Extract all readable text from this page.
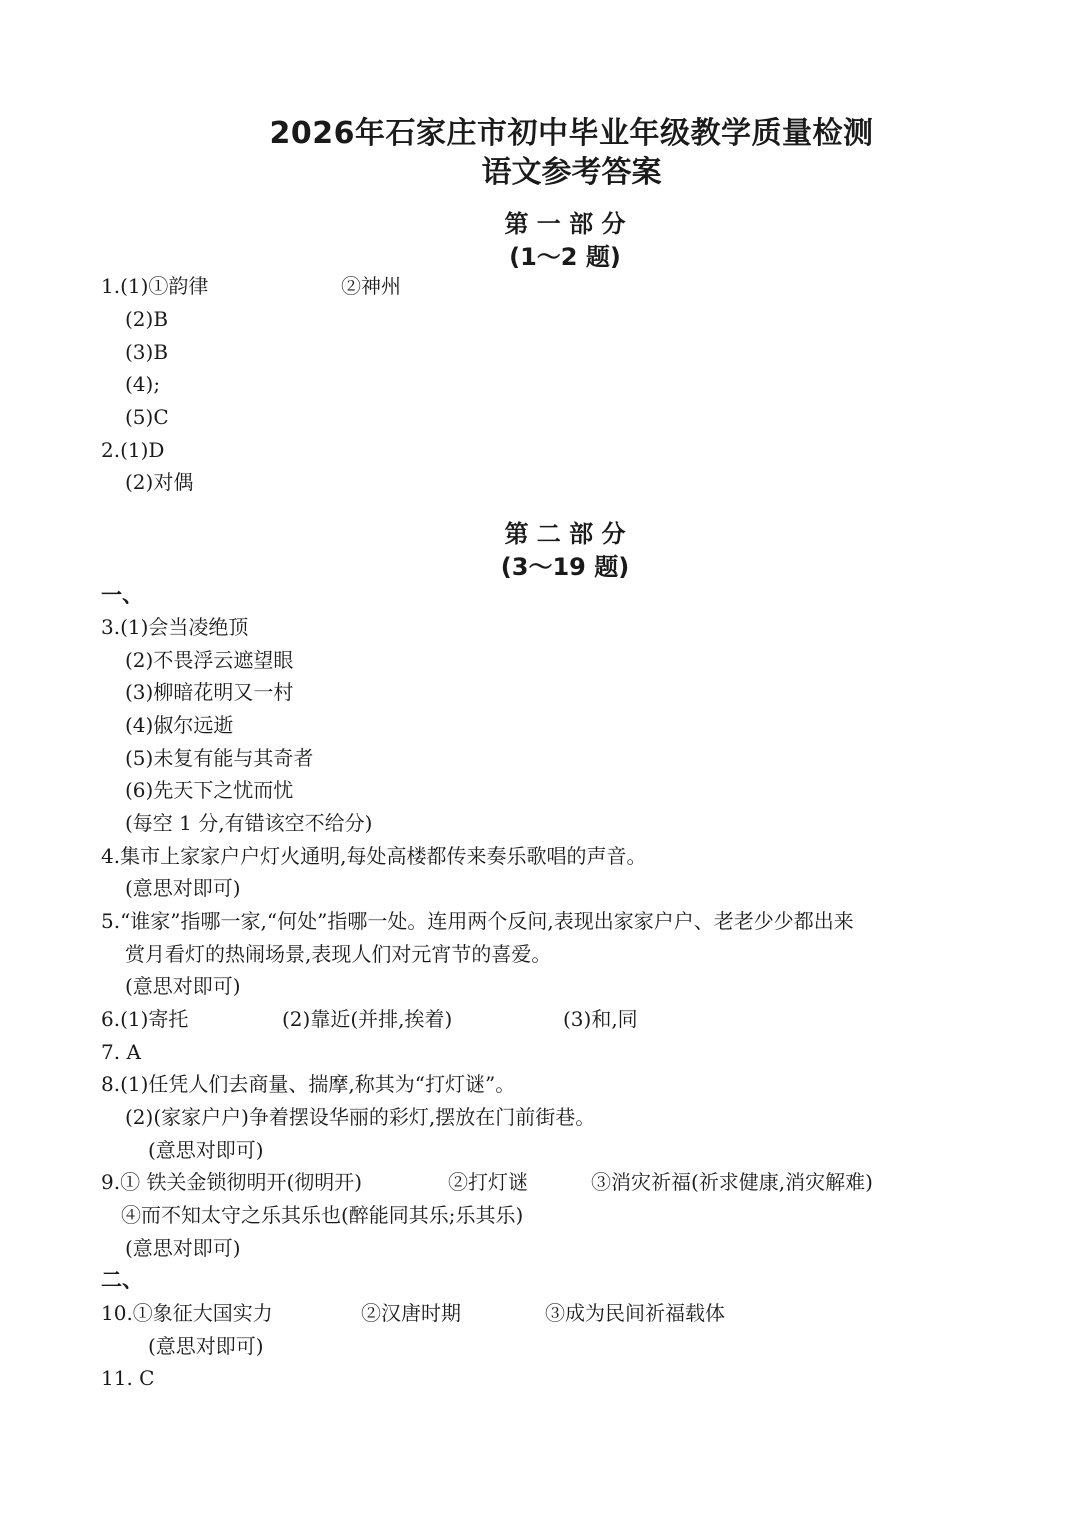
2026年石家庄市初中毕业年级教学质量检测
语文参考答案
第 一 部 分
(1～2 题)
1.(1)①韵律	②神州
(2)B
(3)B
(4);
(5)C
2.(1)D
(2)对偶
第 二 部 分
(3～19 题)
一、
3.(1)会当凌绝顶
(2)不畏浮云遮望眼
(3)柳暗花明又一村
(4)俶尔远逝
(5)未复有能与其奇者
(6)先天下之忧而忧
(每空 1 分,有错该空不给分)
4.集市上家家户户灯火通明,每处高楼都传来奏乐歌唱的声音。
(意思对即可)
5.“谁家”指哪一家,“何处”指哪一处。连用两个反问,表现出家家户户、老老少少都出来
赏月看灯的热闹场景,表现人们对元宵节的喜爱。
(意思对即可)
6.(1)寄托	(2)靠近(并排,挨着)	(3)和,同
7. A
8.(1)任凭人们去商量、揣摩,称其为“打灯谜”。
(2)(家家户户)争着摆设华丽的彩灯,摆放在门前街巷。
(意思对即可)
9.① 铁关金锁彻明开(彻明开)	②打灯谜	③消灾祈福(祈求健康,消灾解难)
④而不知太守之乐其乐也(醉能同其乐;乐其乐)
(意思对即可)
二、
10.①象征大国实力	②汉唐时期	③成为民间祈福载体
(意思对即可)
11. C
